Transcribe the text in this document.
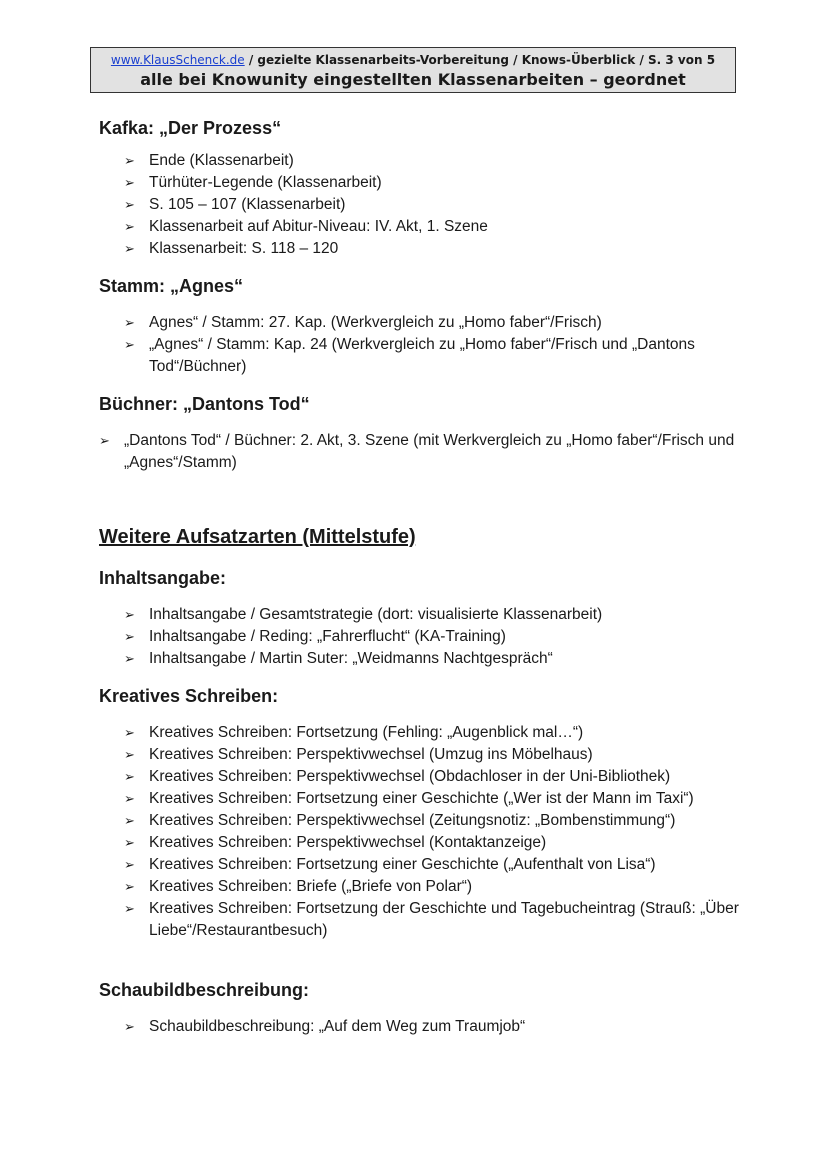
www.KlausSchenck.de / gezielte Klassenarbeits-Vorbereitung / Knows-Überblick / S. 3 von 5
alle bei Knowunity eingestellten Klassenarbeiten – geordnet
Kafka: „Der Prozess“
➢ Ende (Klassenarbeit)
➢ Türhüter-Legende (Klassenarbeit)
➢ S. 105 – 107 (Klassenarbeit)
➢ Klassenarbeit auf Abitur-Niveau: IV. Akt, 1. Szene
➢ Klassenarbeit: S. 118 – 120
Stamm: „Agnes“
➢ Agnes“ / Stamm: 27. Kap. (Werkvergleich zu „Homo faber“/Frisch)
➢ „Agnes“ / Stamm: Kap. 24 (Werkvergleich zu „Homo faber“/Frisch und „Dantons Tod“/Büchner)
Büchner: „Dantons Tod“
➢ „Dantons Tod“ / Büchner: 2. Akt, 3. Szene (mit Werkvergleich zu „Homo faber“/Frisch und „Agnes“/Stamm)
Weitere Aufsatzarten (Mittelstufe)
Inhaltsangabe:
➢ Inhaltsangabe / Gesamtstrategie (dort: visualisierte Klassenarbeit)
➢ Inhaltsangabe / Reding: „Fahrerflucht“ (KA-Training)
➢ Inhaltsangabe / Martin Suter: „Weidmanns Nachtgespräch“
Kreatives Schreiben:
➢ Kreatives Schreiben: Fortsetzung (Fehling: „Augenblick mal…“)
➢ Kreatives Schreiben: Perspektivwechsel (Umzug ins Möbelhaus)
➢ Kreatives Schreiben: Perspektivwechsel (Obdachloser in der Uni-Bibliothek)
➢ Kreatives Schreiben: Fortsetzung einer Geschichte („Wer ist der Mann im Taxi“)
➢ Kreatives Schreiben: Perspektivwechsel (Zeitungsnotiz: „Bombenstimmung“)
➢ Kreatives Schreiben: Perspektivwechsel (Kontaktanzeige)
➢ Kreatives Schreiben: Fortsetzung einer Geschichte („Aufenthalt von Lisa“)
➢ Kreatives Schreiben: Briefe („Briefe von Polar“)
➢ Kreatives Schreiben: Fortsetzung der Geschichte und Tagebucheintrag (Strauß: „Über Liebe“/Restaurantbesuch)
Schaubildbeschreibung:
➢ Schaubildbeschreibung: „Auf dem Weg zum Traumjob“
